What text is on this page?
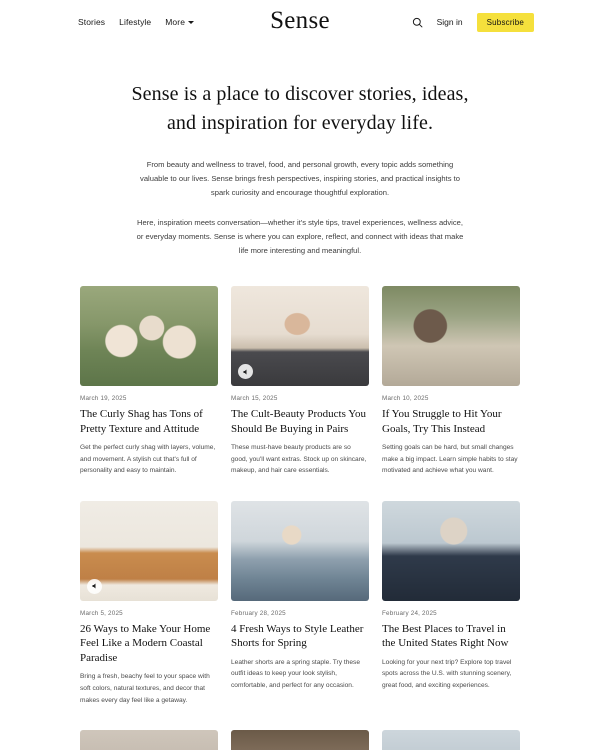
Stories Lifestyle More	Sense	Sign in	Subscribe
Sense is a place to discover stories, ideas, and inspiration for everyday life.

From beauty and wellness to travel, food, and personal growth, every topic adds something valuable to our lives. Sense brings fresh perspectives, inspiring stories, and practical insights to spark curiosity and encourage thoughtful exploration.

Here, inspiration meets conversation—whether it's style tips, travel experiences, wellness advice, or everyday moments. Sense is where you can explore, reflect, and connect with ideas that make life more interesting and meaningful.

March 19, 2025
The Curly Shag has Tons of Pretty Texture and Attitude
Get the perfect curly shag with layers, volume, and movement. A stylish cut that's full of personality and easy to maintain.
March 15, 2025
The Cult-Beauty Products You Should Be Buying in Pairs
These must-have beauty products are so good, you'll want extras. Stock up on skincare, makeup, and hair care essentials.
March 10, 2025
If You Struggle to Hit Your Goals, Try This Instead
Setting goals can be hard, but small changes make a big impact. Learn simple habits to stay motivated and achieve what you want.
March 5, 2025
26 Ways to Make Your Home Feel Like a Modern Coastal Paradise
Bring a fresh, beachy feel to your space with soft colors, natural textures, and decor that makes every day feel like a getaway.
February 28, 2025
4 Fresh Ways to Style Leather Shorts for Spring
Leather shorts are a spring staple. Try these outfit ideas to keep your look stylish, comfortable, and perfect for any occasion.
February 24, 2025
The Best Places to Travel in the United States Right Now
Looking for your next trip? Explore top travel spots across the U.S. with stunning scenery, great food, and exciting experiences.
